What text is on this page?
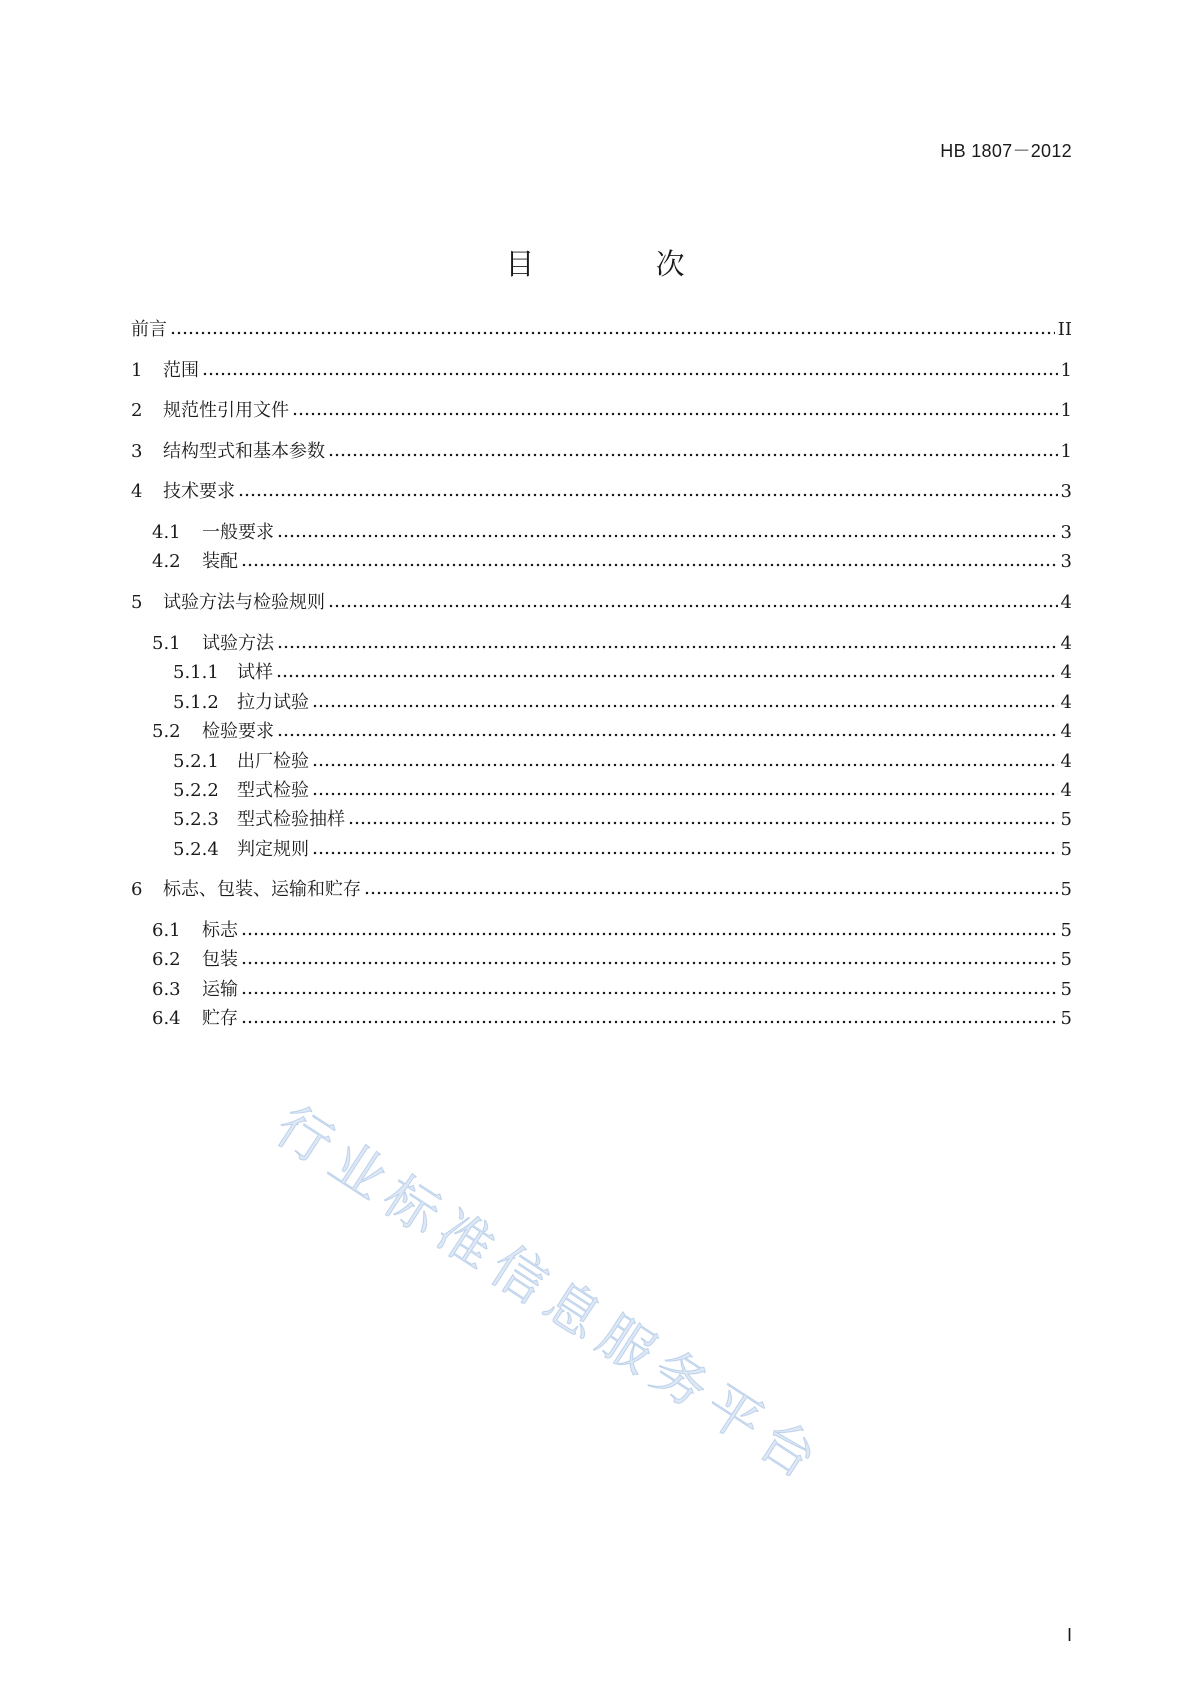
HB 1807－2012
目 次
前言	II
1	范围	1
2	规范性引用文件	1
3	结构型式和基本参数	1
4	技术要求	3
4.1	一般要求	3
4.2	装配	3
5	试验方法与检验规则	4
5.1	试验方法	4
5.1.1	试样	4
5.1.2	拉力试验	4
5.2	检验要求	4
5.2.1	出厂检验	4
5.2.2	型式检验	4
5.2.3	型式检验抽样	5
5.2.4	判定规则	5
6	标志、包装、运输和贮存	5
6.1	标志	5
6.2	包装	5
6.3	运输	5
6.4	贮存	5
行业标准信息服务平台
I
